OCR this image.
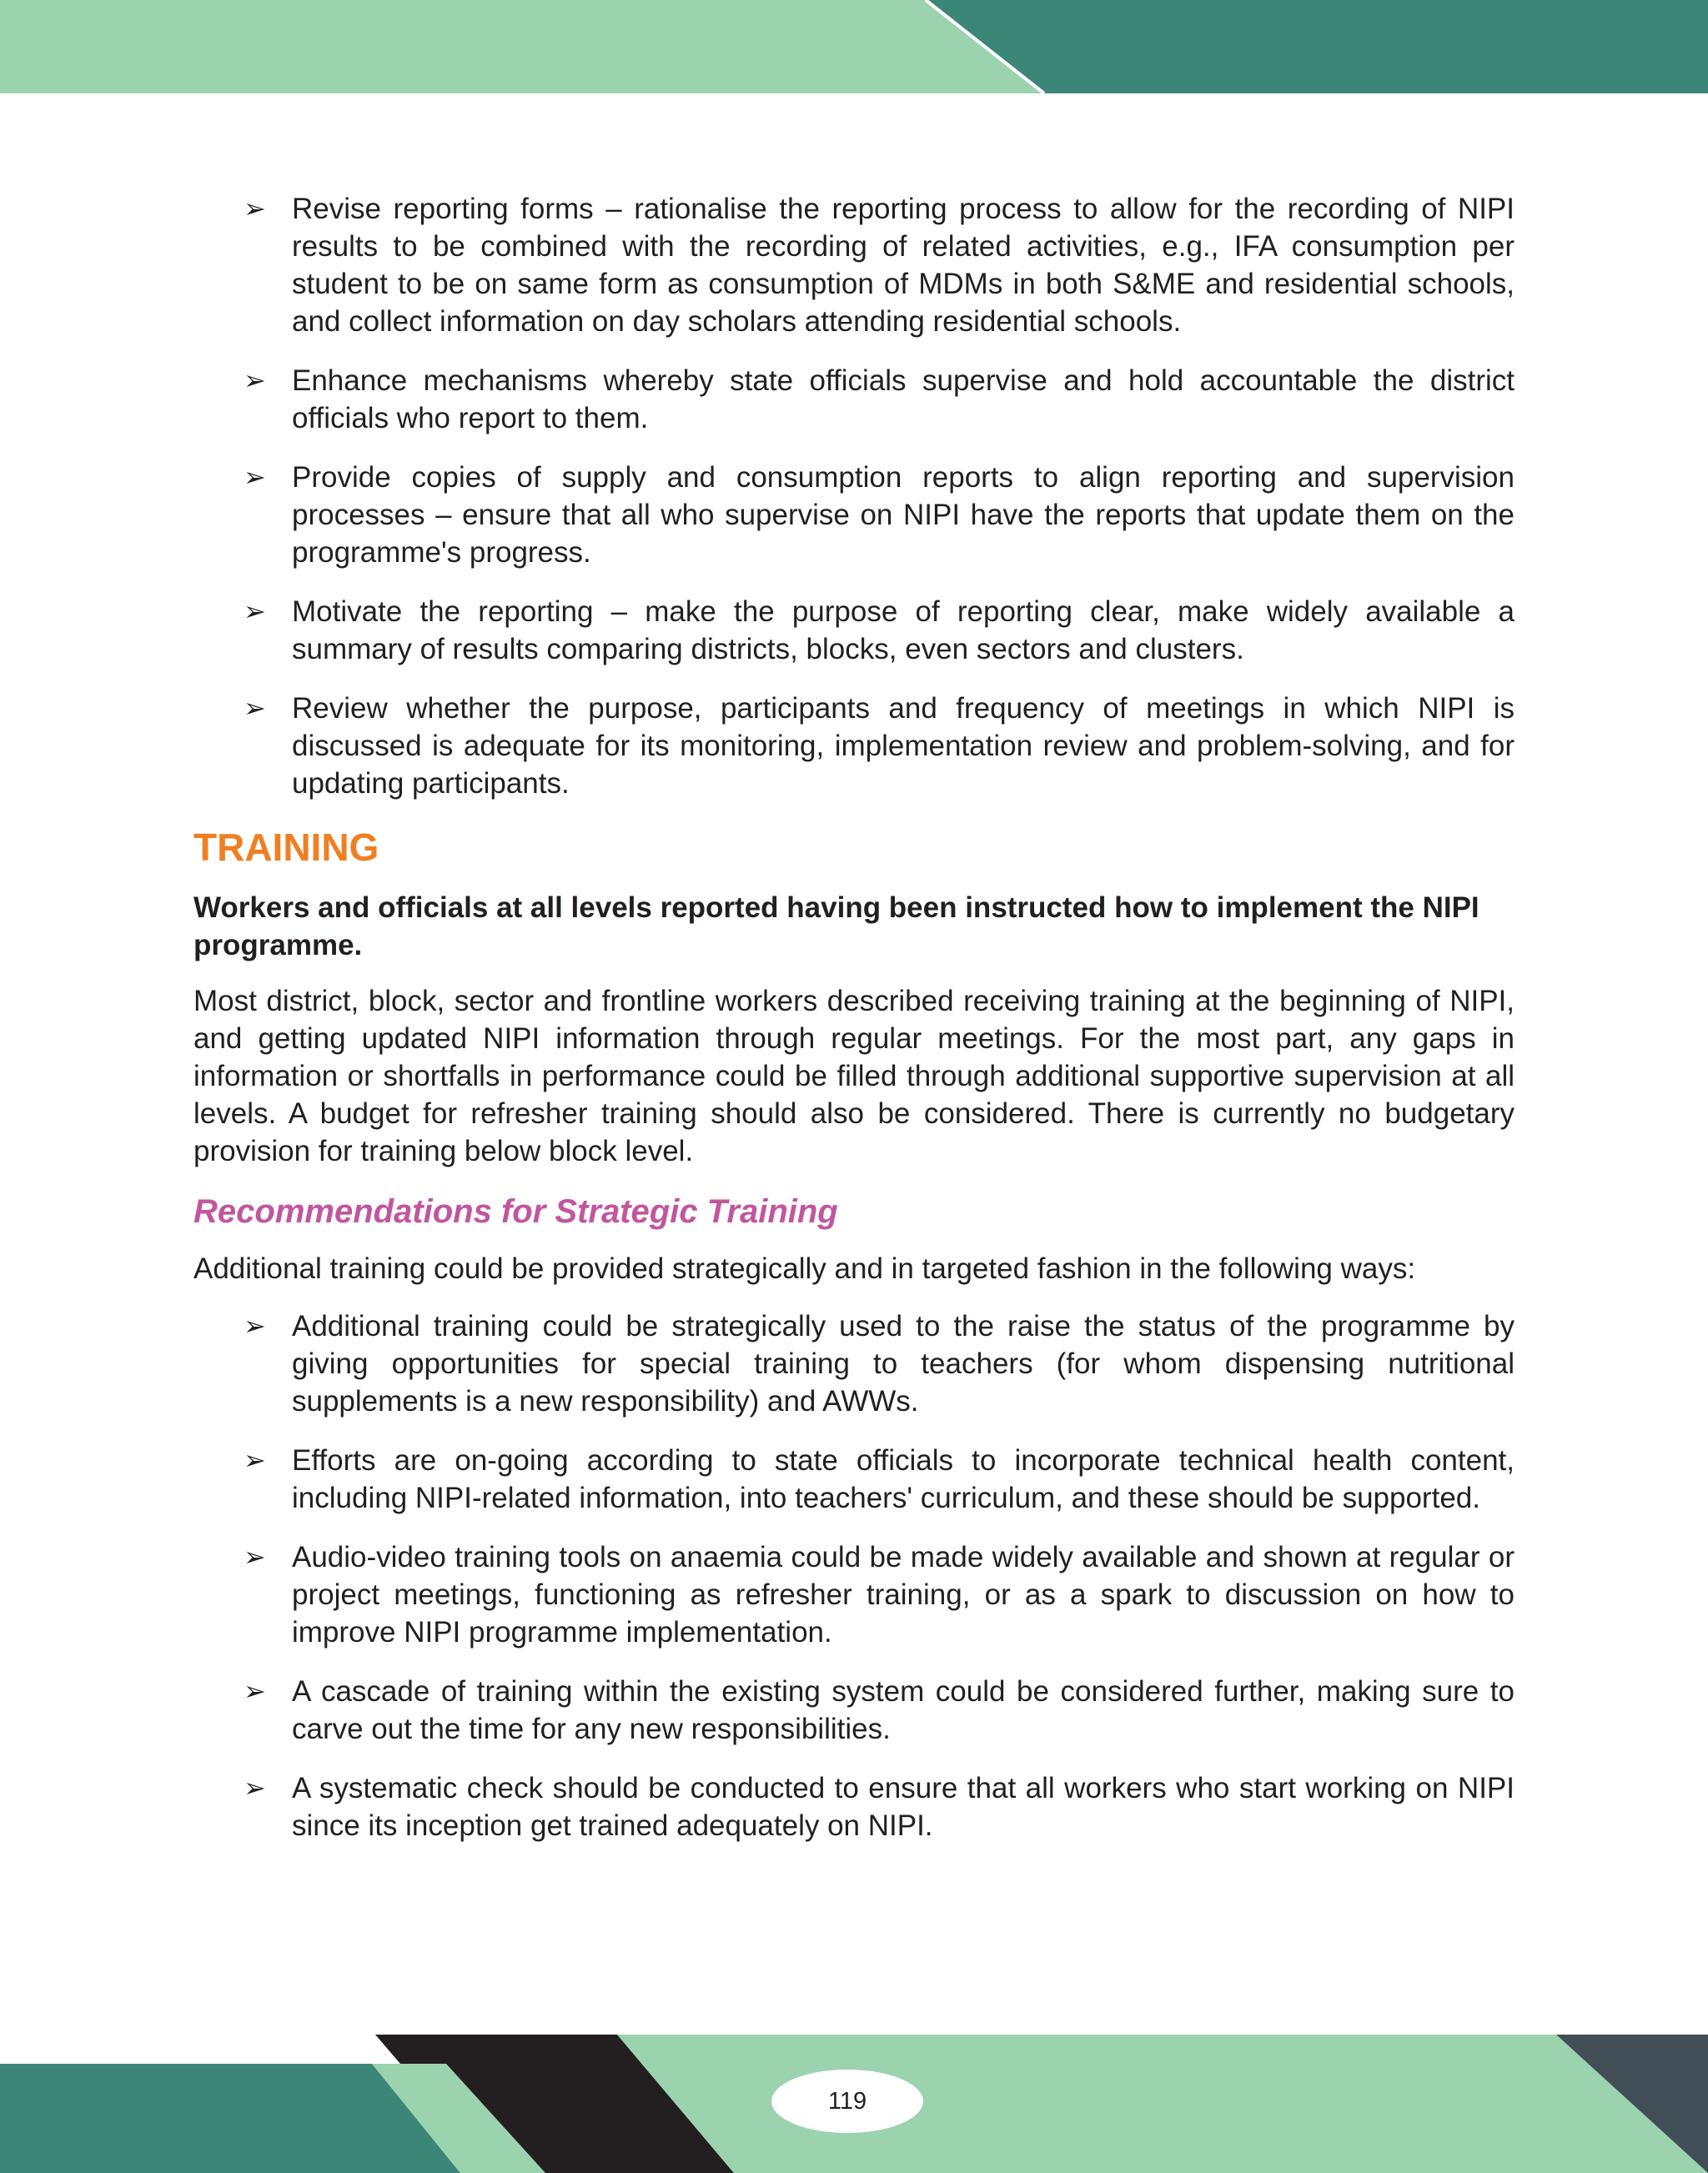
➢ Revise reporting forms – rationalise the reporting process to allow for the recording of NIPI results to be combined with the recording of related activities, e.g., IFA consumption per student to be on same form as consumption of MDMs in both S&ME and residential schools, and collect information on day scholars attending residential schools.
➢ Enhance mechanisms whereby state officials supervise and hold accountable the district officials who report to them.
➢ Provide copies of supply and consumption reports to align reporting and supervision processes – ensure that all who supervise on NIPI have the reports that update them on the programme's progress.
➢ Motivate the reporting – make the purpose of reporting clear, make widely available a summary of results comparing districts, blocks, even sectors and clusters.
➢ Review whether the purpose, participants and frequency of meetings in which NIPI is discussed is adequate for its monitoring, implementation review and problem-solving, and for updating participants.
TRAINING

Workers and officials at all levels reported having been instructed how to implement the NIPI programme.

Most district, block, sector and frontline workers described receiving training at the beginning of NIPI, and getting updated NIPI information through regular meetings. For the most part, any gaps in information or shortfalls in performance could be filled through additional supportive supervision at all levels. A budget for refresher training should also be considered. There is currently no budgetary provision for training below block level.

Recommendations for Strategic Training

Additional training could be provided strategically and in targeted fashion in the following ways:

➢ Additional training could be strategically used to the raise the status of the programme by giving opportunities for special training to teachers (for whom dispensing nutritional supplements is a new responsibility) and AWWs.
➢ Efforts are on-going according to state officials to incorporate technical health content, including NIPI-related information, into teachers' curriculum, and these should be supported.
➢ Audio-video training tools on anaemia could be made widely available and shown at regular or project meetings, functioning as refresher training, or as a spark to discussion on how to improve NIPI programme implementation.
➢ A cascade of training within the existing system could be considered further, making sure to carve out the time for any new responsibilities.
➢ A systematic check should be conducted to ensure that all workers who start working on NIPI since its inception get trained adequately on NIPI.
119
